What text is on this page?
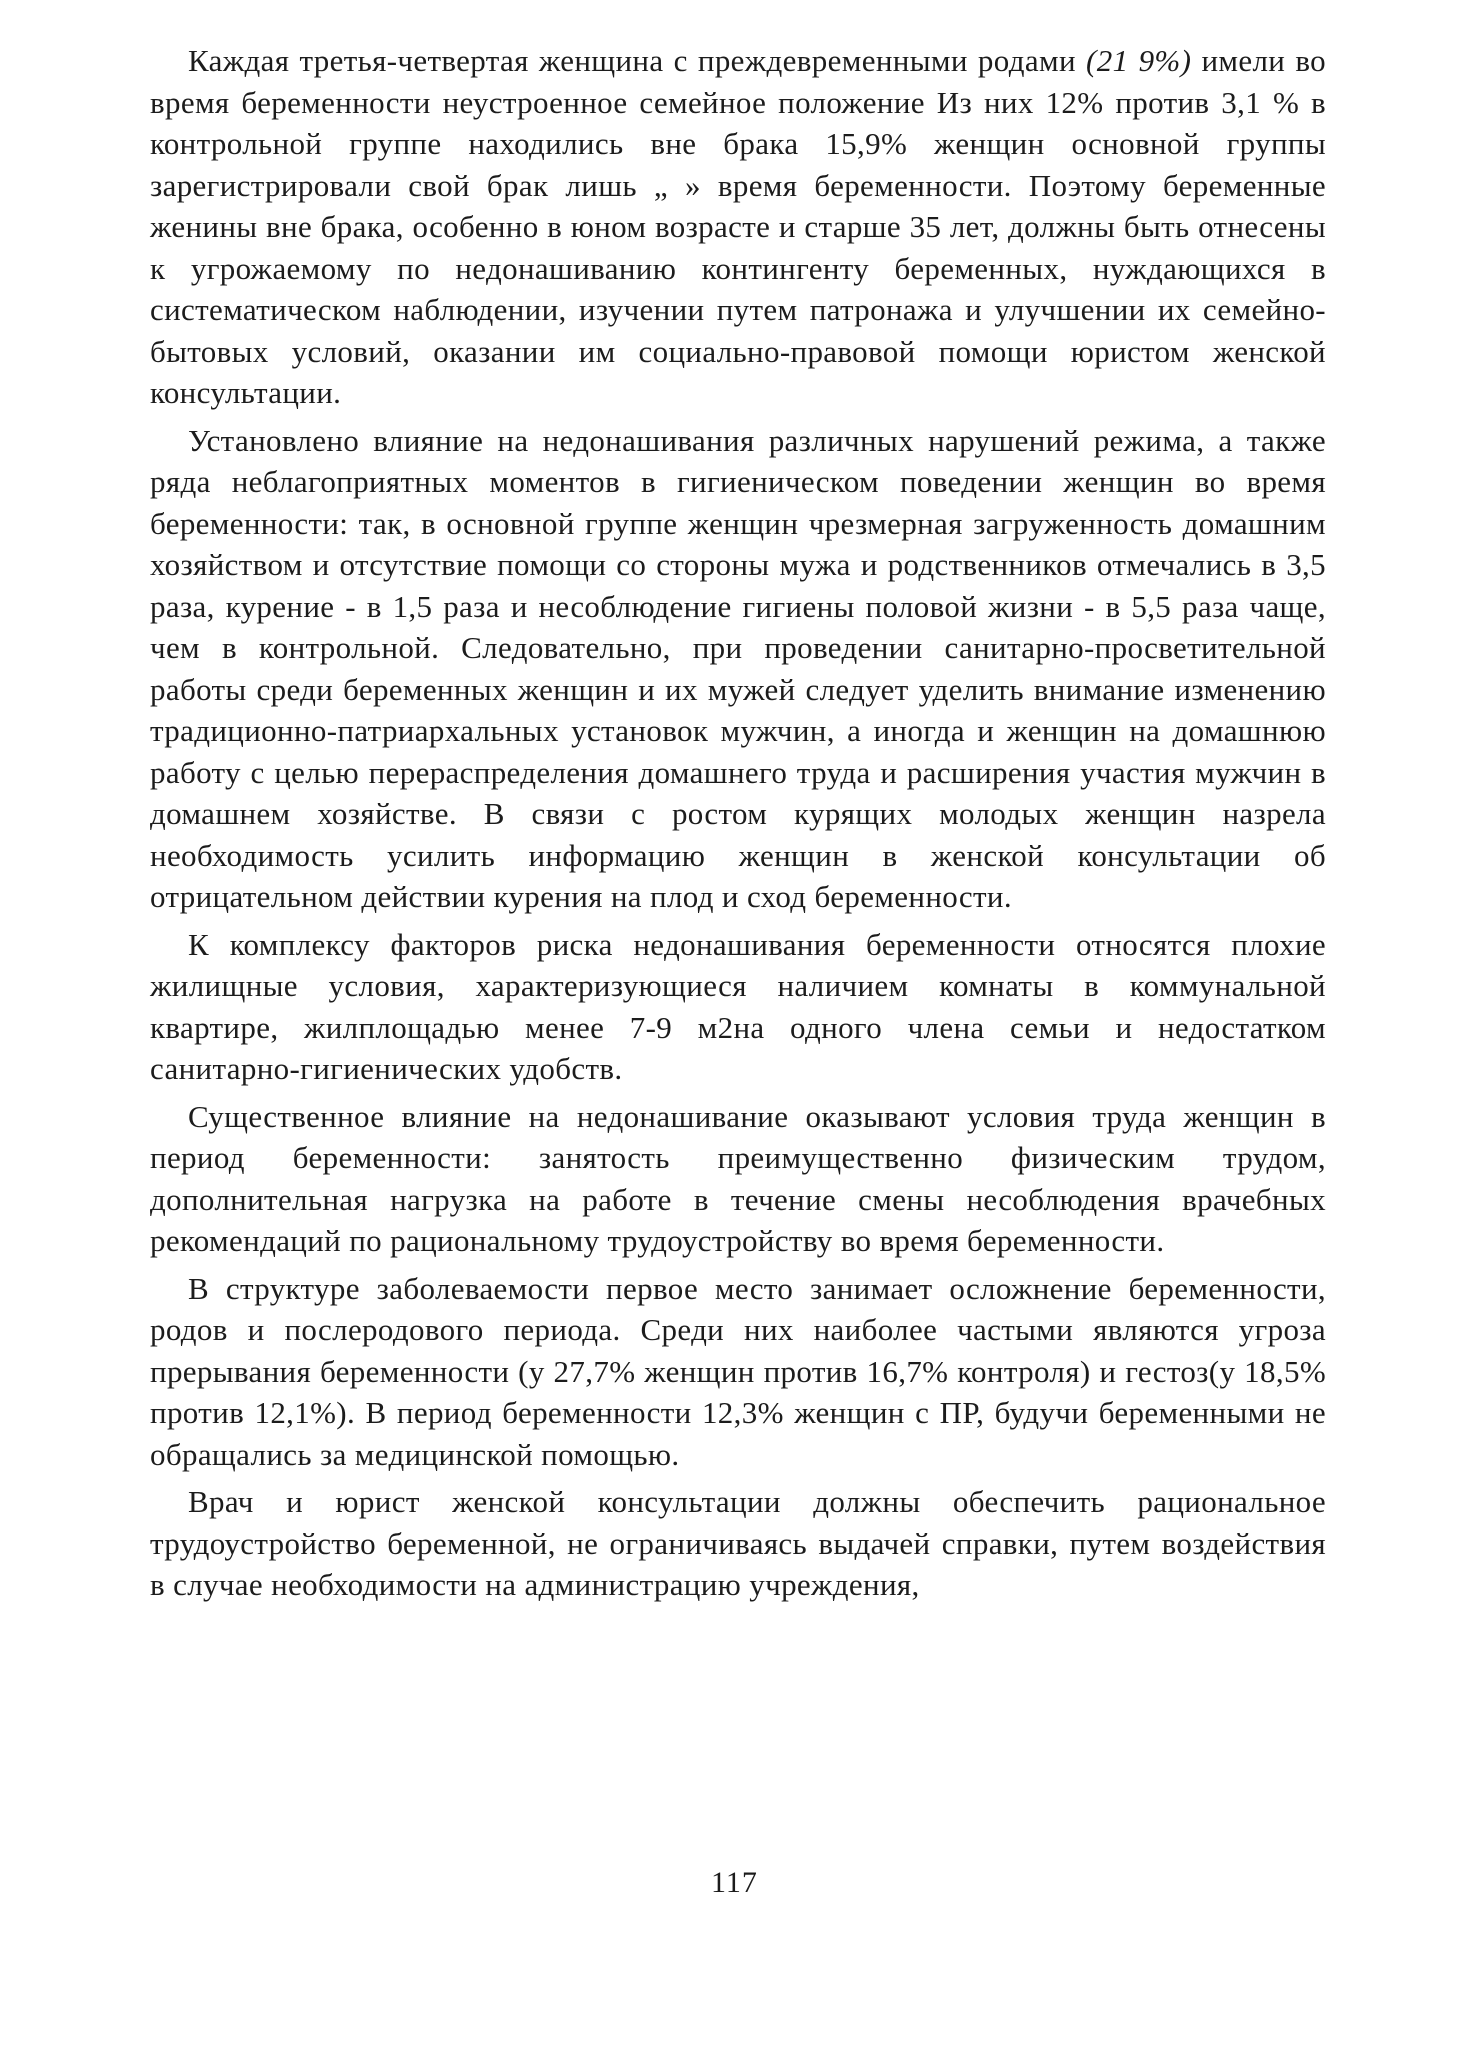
Каждая третья-четвертая женщина с преждевременными родами (21 9%) имели во время беременности неустроенное семейное положение Из них 12% против 3,1 % в контрольной группе находились вне брака 15,9% женщин основной группы зарегистрировали свой брак лишь „ » время беременности. Поэтому беременные женины вне брака, особенно в юном возрасте и старше 35 лет, должны быть отнесены к угрожаемому по недонашиванию контингенту беременных, нуждающихся в систематическом наблюдении, изучении путем патронажа и улучшении их семейно-бытовых условий, оказании им социально-правовой помощи юристом женской консультации.

Установлено влияние на недонашивания различных нарушений режима, а также ряда неблагоприятных моментов в гигиеническом поведении женщин во время беременности: так, в основной группе женщин чрезмерная загруженность домашним хозяйством и отсутствие помощи со стороны мужа и родственников отмечались в 3,5 раза, курение - в 1,5 раза и несоблюдение гигиены половой жизни - в 5,5 раза чаще, чем в контрольной. Следовательно, при проведении санитарно-просветительной работы среди беременных женщин и их мужей следует уделить внимание изменению традиционно-патриархальных установок мужчин, а иногда и женщин на домашнюю работу с целью перераспределения домашнего труда и расширения участия мужчин в домашнем хозяйстве. В связи с ростом курящих молодых женщин назрела необходимость усилить информацию женщин в женской консультации об отрицательном действии курения на плод и сход беременности.

К комплексу факторов риска недонашивания беременности относятся плохие жилищные условия, характеризующиеся наличием комнаты в коммунальной квартире, жилплощадью менее 7-9 м2на одного члена семьи и недостатком санитарно-гигиенических удобств.

Существенное влияние на недонашивание оказывают условия труда женщин в период беременности: занятость преимущественно физическим трудом, дополнительная нагрузка на работе в течение смены несоблюдения врачебных рекомендаций по рациональному трудоустройству во время беременности.

В структуре заболеваемости первое место занимает осложнение беременности, родов и послеродового периода. Среди них наиболее частыми являются угроза прерывания беременности (у 27,7% женщин против 16,7% контроля) и гестоз(у 18,5% против 12,1%). В период беременности 12,3% женщин с ПР, будучи беременными не обращались за медицинской помощью.

Врач и юрист женской консультации должны обеспечить рациональное трудоустройство беременной, не ограничиваясь выдачей справки, путем воздействия в случае необходимости на администрацию учреждения,

117
